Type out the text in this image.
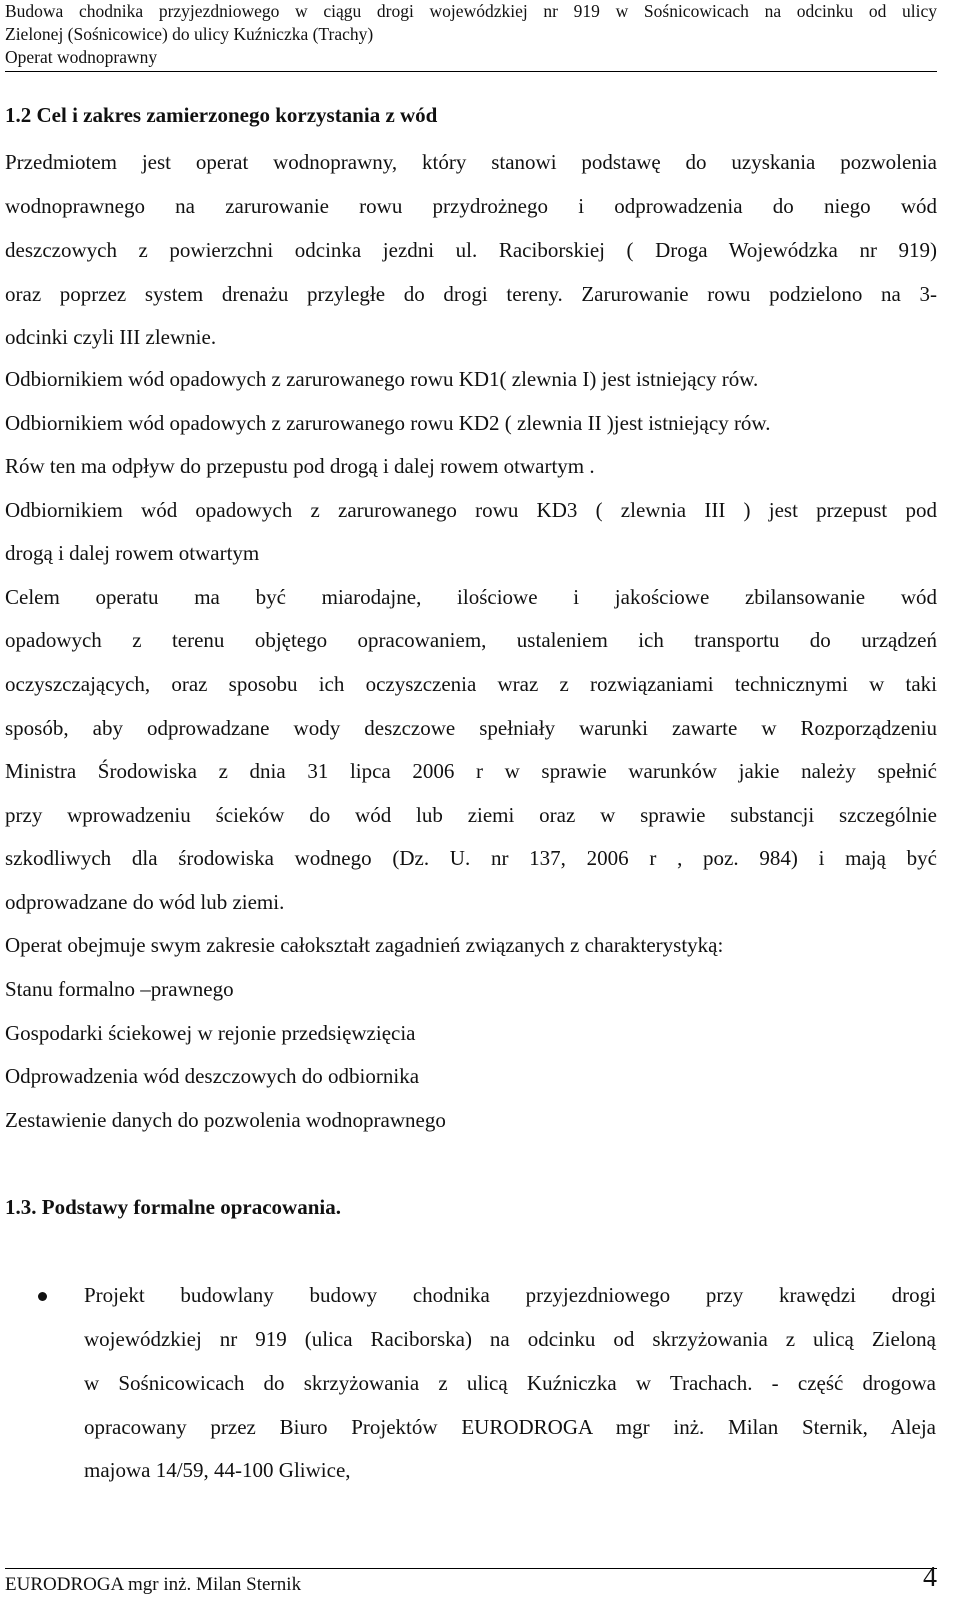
Budowa chodnika przyjezdniowego w ciągu drogi wojewódzkiej nr 919 w Sośnicowicach na odcinku od ulicy
Zielonej (Sośnicowice) do ulicy Kuźniczka (Trachy)
Operat wodnoprawny
1.2 Cel i zakres zamierzonego korzystania z wód
Przedmiotem jest operat wodnoprawny, który stanowi podstawę do uzyskania pozwolenia
wodnoprawnego na zarurowanie rowu przydrożnego i odprowadzenia do niego wód
deszczowych z powierzchni odcinka jezdni ul. Raciborskiej ( Droga Wojewódzka nr 919)
oraz poprzez system drenażu przyległe do drogi tereny. Zarurowanie rowu podzielono na 3-
odcinki czyli III zlewnie.
Odbiornikiem wód opadowych z zarurowanego rowu KD1( zlewnia I) jest istniejący rów.
Odbiornikiem wód opadowych z zarurowanego rowu KD2 ( zlewnia II )jest istniejący rów.
Rów ten ma odpływ do przepustu pod drogą i dalej rowem otwartym .
Odbiornikiem wód opadowych z zarurowanego rowu KD3 ( zlewnia III ) jest przepust pod
drogą i dalej rowem otwartym
Celem operatu ma być miarodajne, ilościowe i jakościowe zbilansowanie wód
opadowych z terenu objętego opracowaniem, ustaleniem ich transportu do urządzeń
oczyszczających, oraz sposobu ich oczyszczenia wraz z rozwiązaniami technicznymi w taki
sposób, aby odprowadzane wody deszczowe spełniały warunki zawarte w Rozporządzeniu
Ministra Środowiska z dnia 31 lipca 2006 r w sprawie warunków jakie należy spełnić
przy wprowadzeniu ścieków do wód lub ziemi oraz w sprawie substancji szczególnie
szkodliwych dla środowiska wodnego (Dz. U. nr 137, 2006 r , poz. 984) i mają być
odprowadzane do wód lub ziemi.
Operat obejmuje swym zakresie całokształt zagadnień związanych z charakterystyką:
Stanu formalno –prawnego
Gospodarki ściekowej w rejonie przedsięwzięcia
Odprowadzenia wód deszczowych do odbiornika
Zestawienie danych do pozwolenia wodnoprawnego
1.3. Podstawy formalne opracowania.
Projekt budowlany budowy chodnika przyjezdniowego przy krawędzi drogi
wojewódzkiej nr 919 (ulica Raciborska) na odcinku od skrzyżowania z ulicą Zieloną
w Sośnicowicach do skrzyżowania z ulicą Kuźniczka w Trachach. - część drogowa
opracowany przez Biuro Projektów EURODROGA mgr inż. Milan Sternik, Aleja
majowa 14/59, 44-100 Gliwice,
EURODROGA mgr inż. Milan Sternik	4
